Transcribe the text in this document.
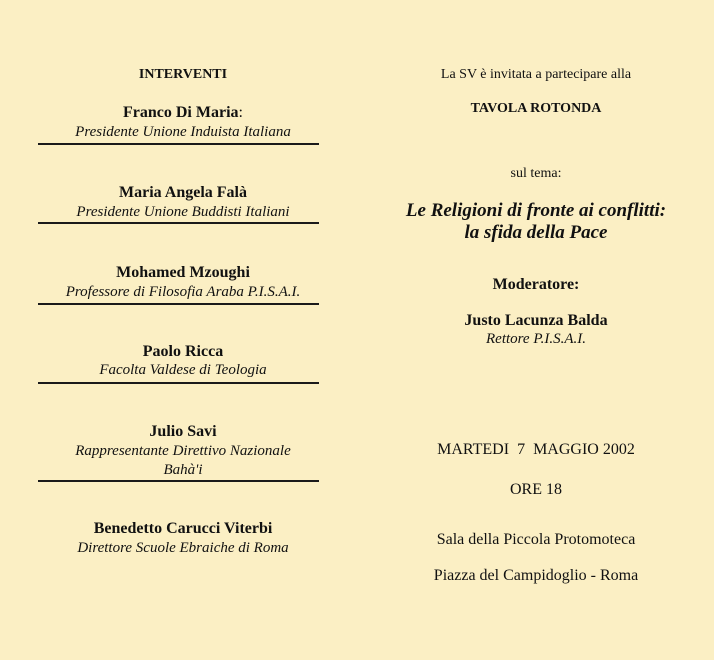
INTERVENTI
Franco Di Maria:
Presidente Unione Induista Italiana
Maria Angela Falà
Presidente Unione Buddisti Italiani
Mohamed Mzoughi
Professore di Filosofia Araba P.I.S.A.I.
Paolo Ricca
Facolta Valdese di Teologia
Julio Savi
Rappresentante Direttivo Nazionale
Bahà'i
Benedetto Carucci Viterbi
Direttore Scuole Ebraiche di Roma
La SV è invitata a partecipare alla
TAVOLA ROTONDA
sul tema:
Le Religioni di fronte ai conflitti:
la sfida della Pace
Moderatore:
Justo Lacunza Balda
Rettore P.I.S.A.I.
MARTEDI  7  MAGGIO 2002
ORE 18
Sala della Piccola Protomoteca
Piazza del Campidoglio - Roma
